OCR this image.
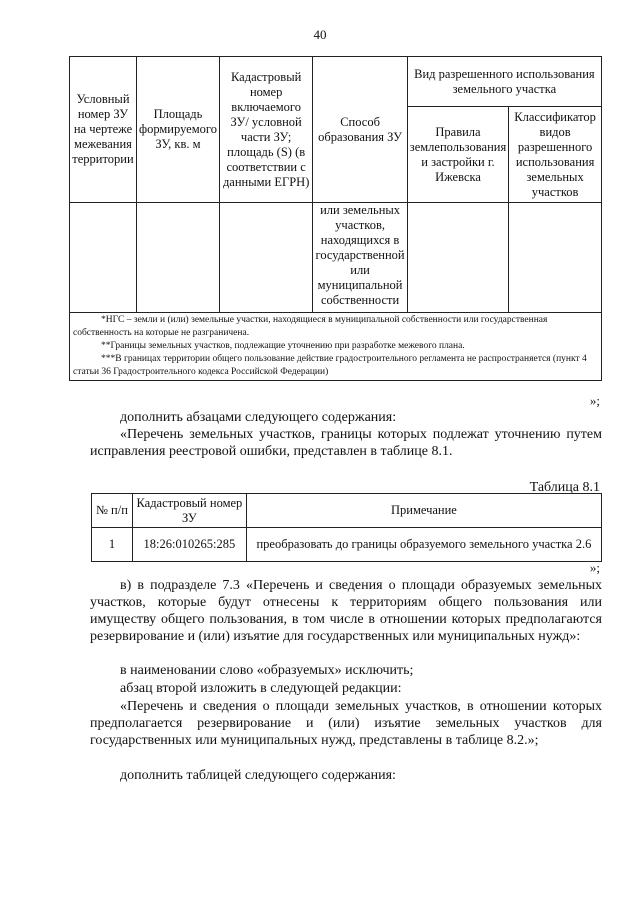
40
Условный номер ЗУ на чертеже межевания территории	Площадь формируемого ЗУ, кв. м	Кадастровый номер включаемого ЗУ/ условной части ЗУ; площадь (S) (в соответствии с данными ЕГРН)	Способ образования ЗУ	Вид разрешенного использования земельного участка	
				Правила землепользования и застройки г. Ижевска	Классификатор видов разрешенного использования земельных участков
			или земельных участков, находящихся в государственной или муниципальной собственности		

*НГС – земли и (или) земельные участки, находящиеся в муниципальной собственности или государственная собственность на которые не разграничена.
**Границы земельных участков, подлежащие уточнению при разработке межевого плана.
***В границах территории общего пользование действие градостроительного регламента не распространяется (пункт 4 статьи 36 Градостроительного кодекса Российской Федерации)					
»;

дополнить абзацами следующего содержания:

«Перечень земельных участков, границы которых подлежат уточнению путем исправления реестровой ошибки, представлен в таблице 8.1.

Таблица 8.1
№ п/п	Кадастровый номер ЗУ	Примечание
1	18:26:010265:285	преобразовать до границы образуемого земельного участка 2.6
»;

в) в подразделе 7.3 «Перечень и сведения о площади образуемых земельных участков, которые будут отнесены к территориям общего пользования или имуществу общего пользования, в том числе в отношении которых предполагаются резервирование и (или) изъятие для государственных или муниципальных нужд»:

в наименовании слово «образуемых» исключить;

абзац второй изложить в следующей редакции:

«Перечень и сведения о площади земельных участков, в отношении которых предполагается резервирование и (или) изъятие земельных участков для государственных или муниципальных нужд, представлены в таблице 8.2.»;

дополнить таблицей следующего содержания:
